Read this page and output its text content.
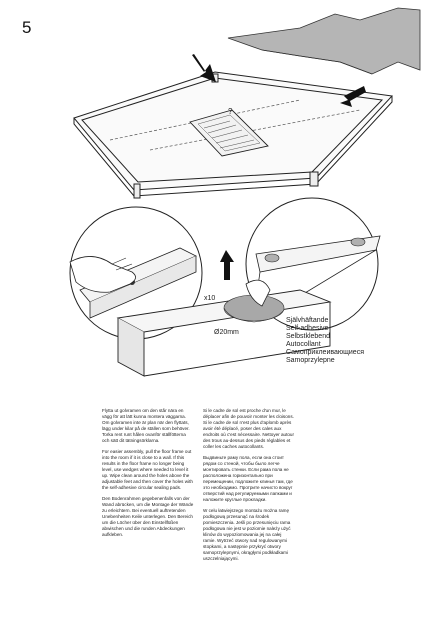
5
?
x10
Ø20mm
Självhäftande
Self-adhesive
Selbstklebend
Autocollant
Самоприклеивающиеся
Samoprzylepne

Flytta ut golvramen om den står nära en vägg för att lätt kunna montera väggarna. Om golvramen inte är plan när den flyttats, lägg under kilar på de ställen som behöver. Torka rent runt hålen ovanför ställfötterna och sätt dit tätningsörklarna.

For easier assembly, pull the floor frame out into the room if it is close to a wall. If this results in the floor frame no longer being level, use wedges where needed to level it up. Wipe clean around the holes above the adjustable feet and then cover the holes with the self-adhesive circular sealing pads.

Den Bodenrahmen gegebenenfalls von der Wand abrücken, um die Montage der Wände zu erleichtern. Bei eventuell auftretenden Unebenheiten Keile unterlegen. Den Bereich um die Löcher über den Einstellfüßen abwischen und die runden Abdeckungen aufkleben.

Si le cadre de sol est proche d'un mur, le déplacer afin de pouvoir monter les cloisons. Si le cadre de sol n'est plus d'aplomb après avoir été déplacé, poser des cales aux endroits où c'est nécessaire. Nettoyer autour des trous au-dessus des pieds réglables et coller les caches autocollants.

Выдвиньте раму пола, если она стоит рядом со стеной, чтобы было легче монтировать стенки. Если рама пола не расположена горизонтально при перемещении, подложите клинья там, где это необходимо. Протрите начисто вокруг отверстий над регулируемыми лапками и наложите круглые прокладки.

W celu łatwiejszego montażu można ramę podłogową przesunąć na środek pomieszczenia. Jeśli po przesunięciu rama podłogowa nie jest w poziomie należy użyć klinów do wypoziomowania jej na całej ramie. Wytrzeć otwory nad regulowanymi stopkami, a następnie przykryć otwory samoprzylepnymi, okrągłymi podkładkami uszczelniającymi.
